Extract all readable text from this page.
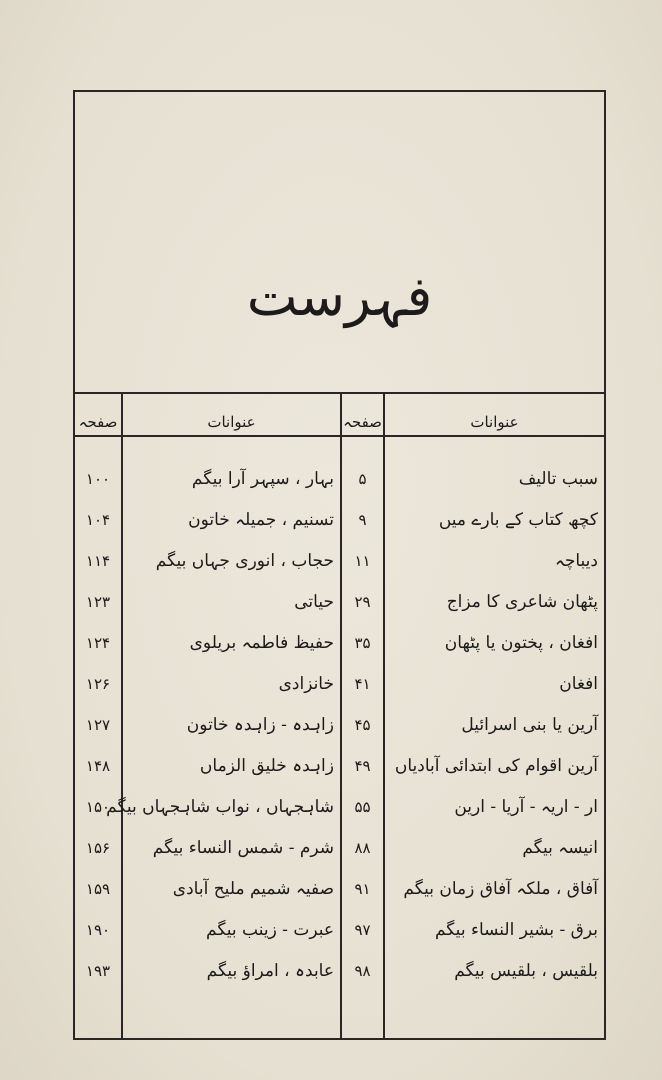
فہرست
عنوانات
صفحہ
عنوانات
صفحہ
سبب تالیف
۵
کچھ کتاب کے بارے میں
۹
دیباچہ
۱۱
پٹھان شاعری کا مزاج
۲۹
افغان ، پختون یا پٹھان
۳۵
افغان
۴۱
آرین یا بنی اسرائیل
۴۵
آرین اقوام کی ابتدائی آبادیاں
۴۹
ار - اریہ - آریا - ارین
۵۵
انیسہ بیگم
۸۸
آفاق ، ملکہ آفاق زمان بیگم
۹۱
برق - بشیر النساء بیگم
۹۷
بلقیس ، بلقیس بیگم
۹۸
بہار ، سپہر آرا بیگم
۱۰۰
تسنیم ، جمیلہ خاتون
۱۰۴
حجاب ، انوری جہاں بیگم
۱۱۴
حیاتی
۱۲۳
حفیظ فاطمہ بریلوی
۱۲۴
خانزادی
۱۲۶
زاہدہ - زاہدہ خاتون
۱۲۷
زاہدہ خلیق الزماں
۱۴۸
شاہجہاں ، نواب شاہجہاں بیگم
۱۵۰
شرم - شمس النساء بیگم
۱۵۶
صفیہ شمیم ملیح آبادی
۱۵۹
عبرت - زینب بیگم
۱۹۰
عابدہ ، امراؤ بیگم
۱۹۳
